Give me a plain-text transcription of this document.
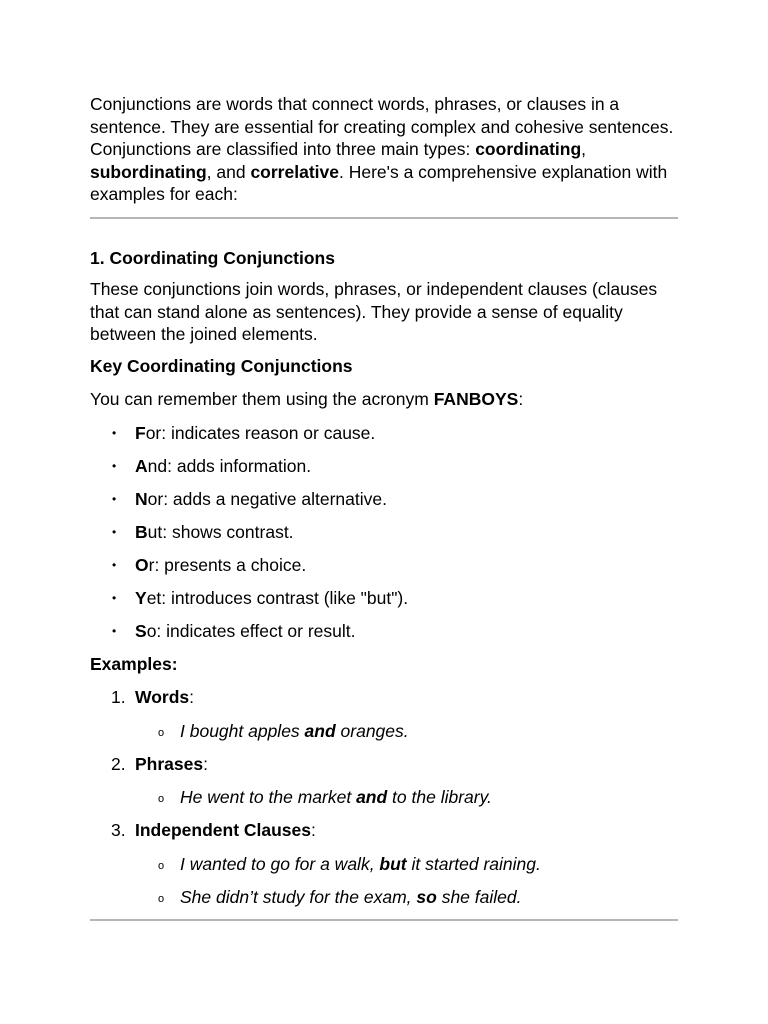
Conjunctions are words that connect words, phrases, or clauses in a sentence. They are essential for creating complex and cohesive sentences. Conjunctions are classified into three main types: coordinating, subordinating, and correlative. Here's a comprehensive explanation with examples for each:

1. Coordinating Conjunctions

These conjunctions join words, phrases, or independent clauses (clauses that can stand alone as sentences). They provide a sense of equality between the joined elements.

Key Coordinating Conjunctions

You can remember them using the acronym FANBOYS:

• For: indicates reason or cause.
• And: adds information.
• Nor: adds a negative alternative.
• But: shows contrast.
• Or: presents a choice.
• Yet: introduces contrast (like "but").
• So: indicates effect or result.

Examples:

1. Words:
o I bought apples and oranges.
2. Phrases:
o He went to the market and to the library.
3. Independent Clauses:
o I wanted to go for a walk, but it started raining.
o She didn’t study for the exam, so she failed.
